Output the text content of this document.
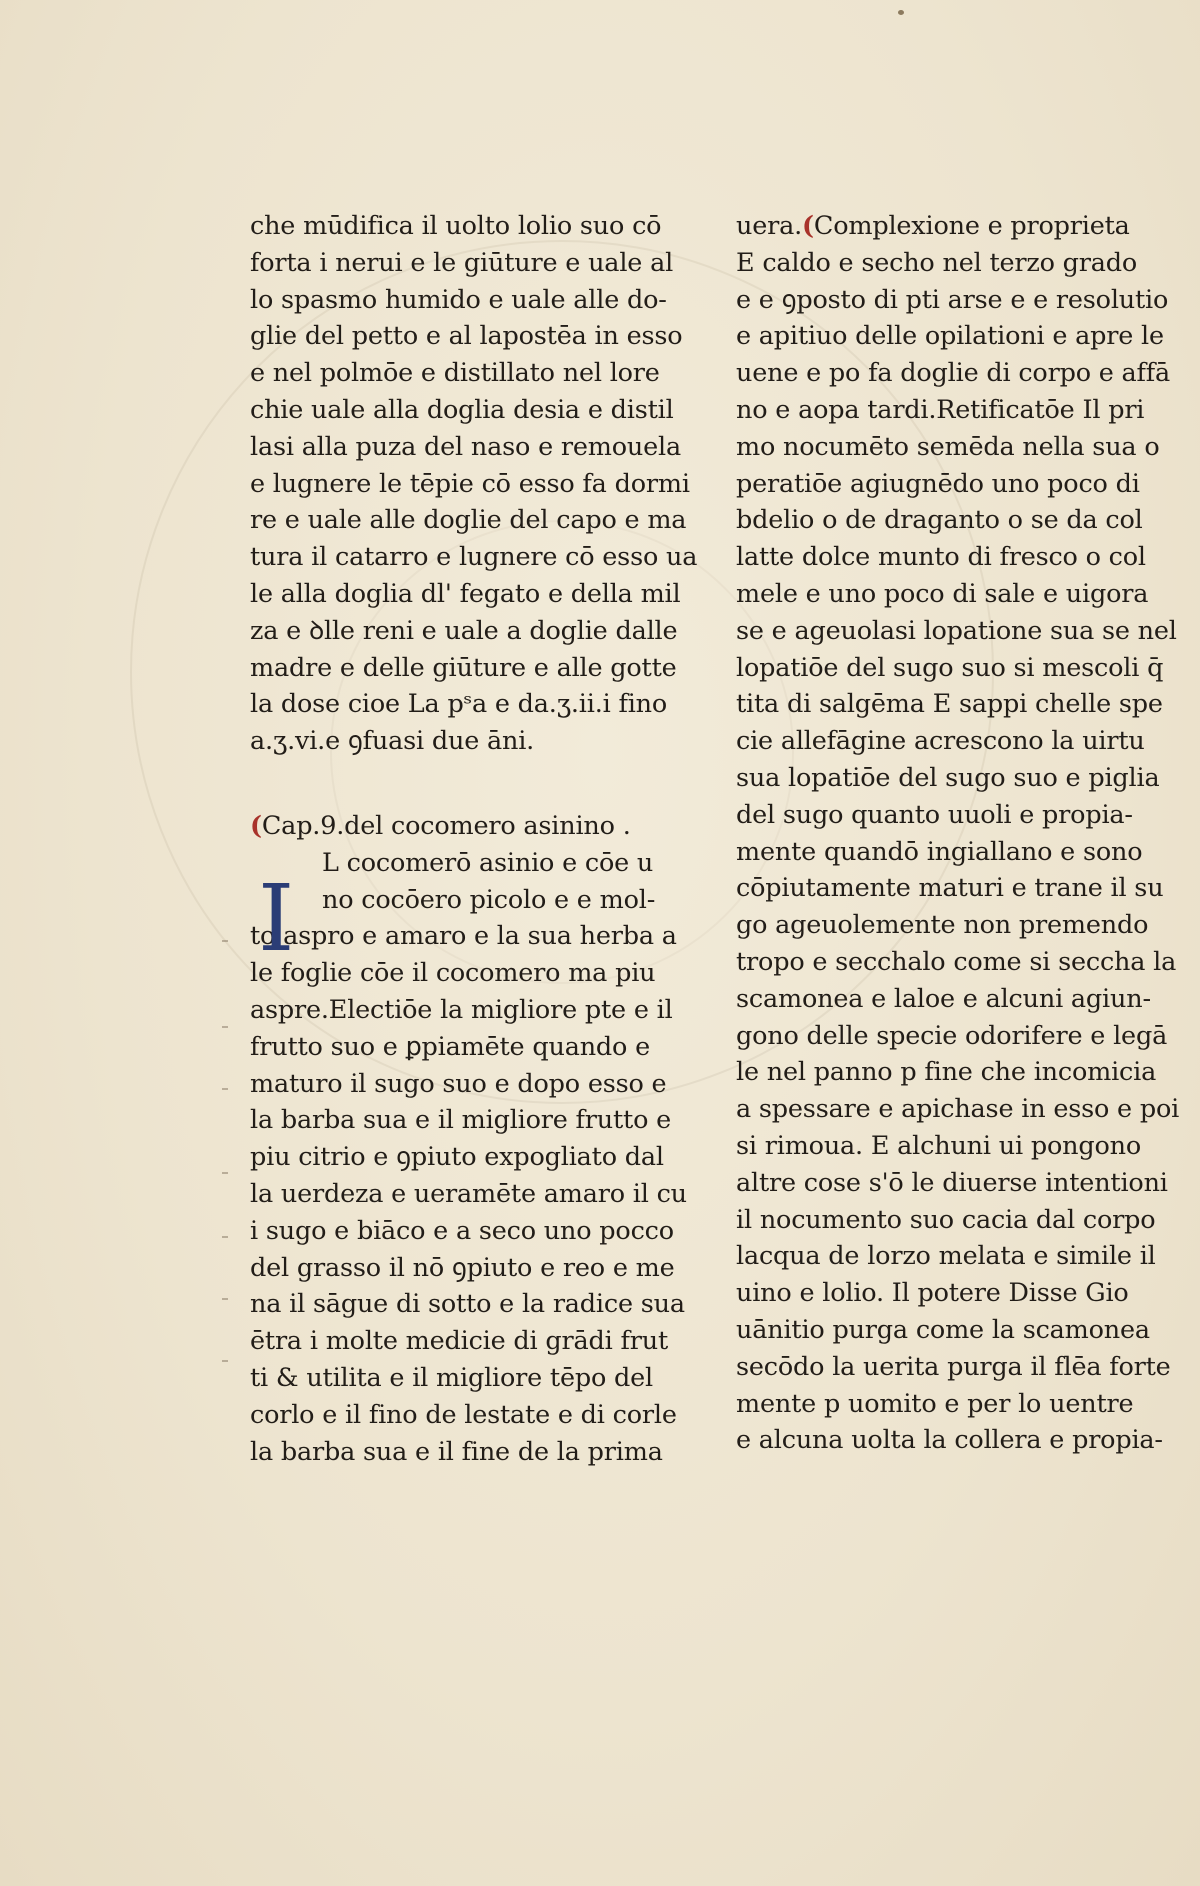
che mūdifica il uolto lolio suo cō
forta i nerui e le giūture e uale al
lo spasmo humido e uale alle do-
glie del petto e al lapostēa in esso
e nel polmōe e distillato nel lore
chie uale alla doglia desia e distil
lasi alla puza del naso e remouela
e lugnere le tēpie cō esso fa dormi
re e uale alle doglie del capo e ma
tura il catarro e lugnere cō esso ua
le alla doglia dl' fegato e della mil
za e ꝺlle reni e uale a doglie dalle
madre e delle giūture e alle gotte
la dose cioe La pˢa e da.ʒ.ii.i fino
a.ʒ.vi.e ꝯfuasi due āni.
(Cap.9.del cocomero asinino .
I
L cocomerō asinio e cōe u
no cocōero picolo e e mol-
to aspro e amaro e la sua herba a
le foglie cōe il cocomero ma piu
aspre.Electiōe la migliore pte e il
frutto suo e ꝑpiamēte quando e
maturo il sugo suo e dopo esso e
la barba sua e il migliore frutto e
piu citrio e ꝯpiuto expogliato dal
la uerdeza e ueramēte amaro il cu
i sugo e biāco e a seco uno pocco
del grasso il nō ꝯpiuto e reo e me
na il sāgue di sotto e la radice sua
ētra i molte medicie di grādi frut
ti & utilita e il migliore tēpo del
corlo e il fino de lestate e di corle
la barba sua e il fine de la prima
uera.(Complexione e proprieta
E caldo e secho nel terzo grado
e e ꝯposto di pti arse e e resolutio
e apitiuo delle opilationi e apre le
uene e po fa doglie di corpo e affā
no e aopa tardi.Retificatōe Il pri
mo nocumēto semēda nella sua o
peratiōe agiugnēdo uno poco di
bdelio o de draganto o se da col
latte dolce munto di fresco o col
mele e uno poco di sale e uigora
se e ageuolasi lopatione sua se nel
lopatiōe del sugo suo si mescoli q̄
tita di salgēma E sappi chelle spe
cie allefāgine acrescono la uirtu
sua lopatiōe del sugo suo e piglia
del sugo quanto uuoli e propia-
mente quandō ingiallano e sono
cōpiutamente maturi e trane il su
go ageuolemente non premendo
tropo e secchalo come si seccha la
scamonea e laloe e alcuni agiun-
gono delle specie odorifere e legā
le nel panno p fine che incomicia
a spessare e apichase in esso e poi
si rimoua. E alchuni ui pongono
altre cose s'ō le diuerse intentioni
il nocumento suo cacia dal corpo
lacqua de lorzo melata e simile il
uino e lolio. Il potere Disse Gio
uānitio purga come la scamonea
secōdo la uerita purga il flēa forte
mente p uomito e per lo uentre
e alcuna uolta la collera e propia-
